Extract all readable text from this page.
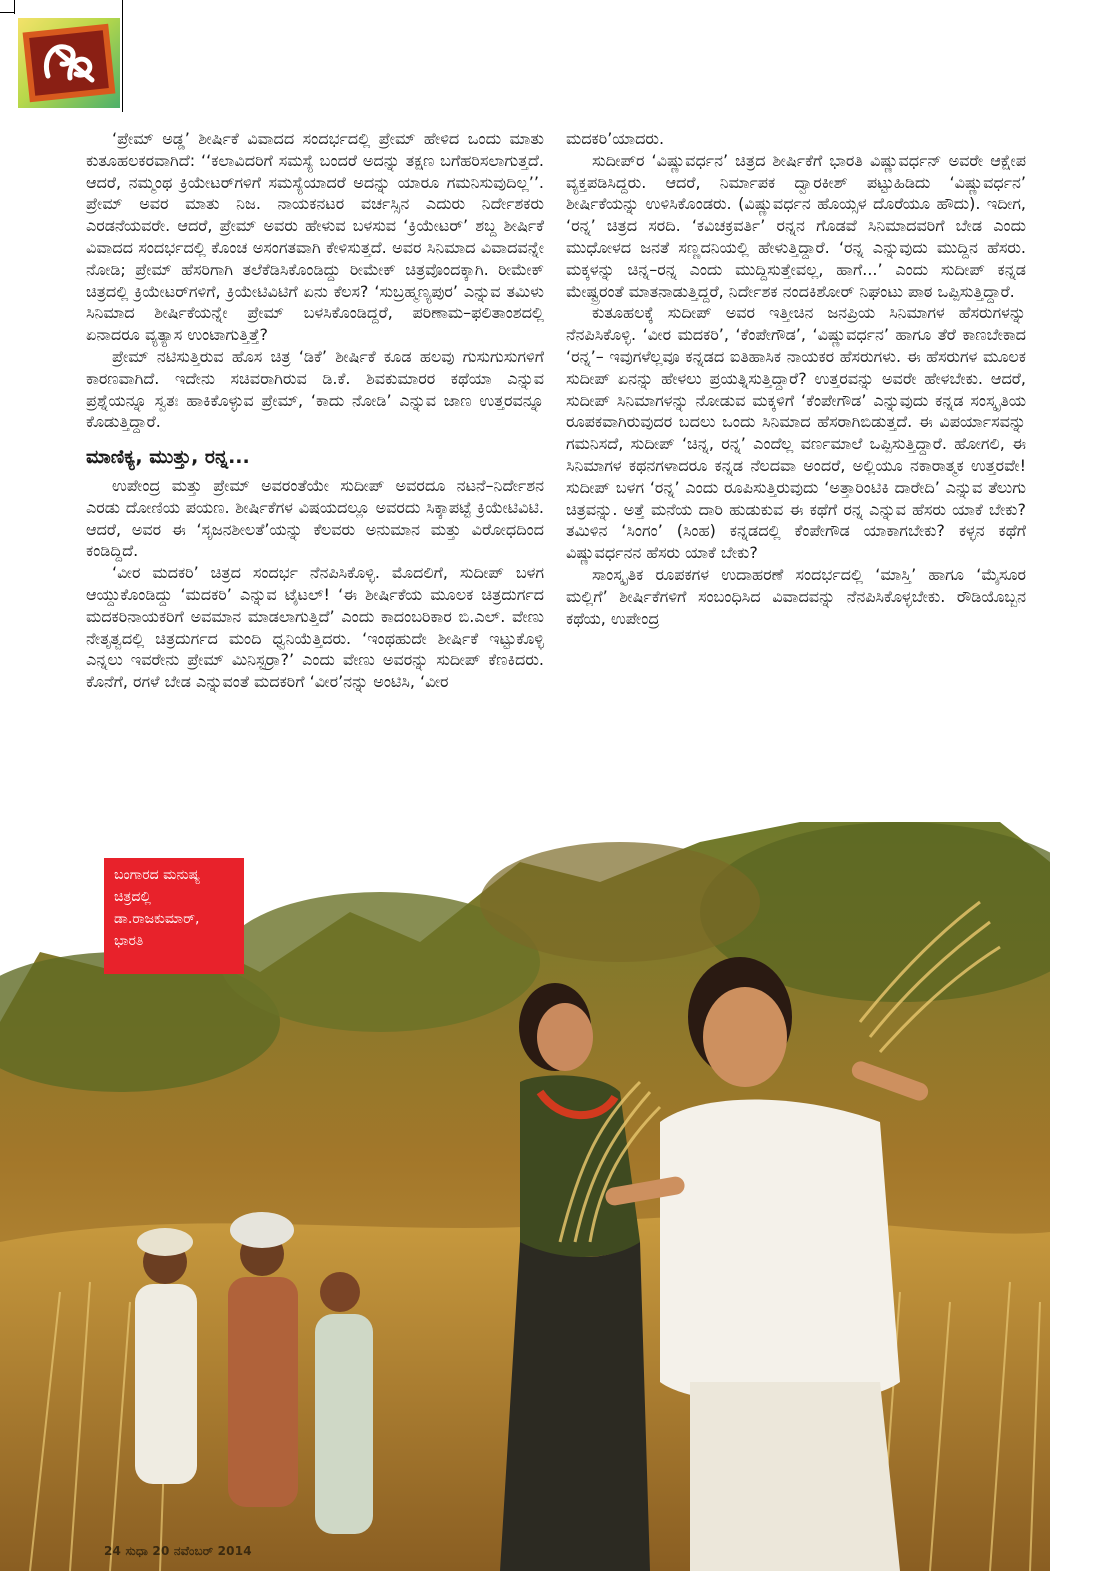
‘ಪ್ರೇಮ್ ಅಡ್ಡ’ ಶೀರ್ಷಿಕೆ ವಿವಾದದ ಸಂದರ್ಭದಲ್ಲಿ ಪ್ರೇಮ್ ಹೇಳಿದ ಒಂದು ಮಾತು ಕುತೂಹಲಕರವಾಗಿದೆ: ‘‘ಕಲಾವಿದರಿಗೆ ಸಮಸ್ಯೆ ಬಂದರೆ ಅದನ್ನು ತಕ್ಷಣ ಬಗೆಹರಿಸಲಾಗುತ್ತದೆ. ಆದರೆ, ನಮ್ಮಂಥ ಕ್ರಿಯೇಟರ್‌ಗಳಿಗೆ ಸಮಸ್ಯೆಯಾದರೆ ಅದನ್ನು ಯಾರೂ ಗಮನಿಸುವುದಿಲ್ಲ’’. ಪ್ರೇಮ್ ಅವರ ಮಾತು ನಿಜ. ನಾಯಕನಟರ ವರ್ಚಸ್ಸಿನ ಎದುರು ನಿರ್ದೇಶಕರು ಎರಡನೆಯವರೇ. ಆದರೆ, ಪ್ರೇಮ್ ಅವರು ಹೇಳುವ ಬಳಸುವ ‘ಕ್ರಿಯೇಟರ್’ ಶಬ್ದ ಶೀರ್ಷಿಕೆ ವಿವಾದದ ಸಂದರ್ಭದಲ್ಲಿ ಕೊಂಚ ಅಸಂಗತವಾಗಿ ಕೇಳಿಸುತ್ತದೆ. ಅವರ ಸಿನಿಮಾದ ವಿವಾದವನ್ನೇ ನೋಡಿ; ಪ್ರೇಮ್ ಹೆಸರಿಗಾಗಿ ತಲೆಕೆಡಿಸಿಕೊಂಡಿದ್ದು ರೀಮೇಕ್ ಚಿತ್ರವೊಂದಕ್ಕಾಗಿ. ರೀಮೇಕ್ ಚಿತ್ರದಲ್ಲಿ ಕ್ರಿಯೇಟರ್‌ಗಳಿಗೆ, ಕ್ರಿಯೇಟಿವಿಟಿಗೆ ಏನು ಕೆಲಸ? ‘ಸುಬ್ರಹ್ಮಣ್ಯಪುರ’ ಎನ್ನುವ ತಮಿಳು ಸಿನಿಮಾದ ಶೀರ್ಷಿಕೆಯನ್ನೇ ಪ್ರೇಮ್ ಬಳಸಿಕೊಂಡಿದ್ದರೆ, ಪರಿಣಾಮ–ಫಲಿತಾಂಶದಲ್ಲಿ ಏನಾದರೂ ವ್ಯತ್ಯಾಸ ಉಂಟಾಗುತ್ತಿತ್ತೆ?

ಪ್ರೇಮ್ ನಟಿಸುತ್ತಿರುವ ಹೊಸ ಚಿತ್ರ ‘ಡಿಕೆ’ ಶೀರ್ಷಿಕೆ ಕೂಡ ಹಲವು ಗುಸುಗುಸುಗಳಿಗೆ ಕಾರಣವಾಗಿದೆ. ಇದೇನು ಸಚಿವರಾಗಿರುವ ಡಿ.ಕೆ. ಶಿವಕುಮಾರರ ಕಥೆಯಾ ಎನ್ನುವ ಪ್ರಶ್ನೆಯನ್ನೂ ಸ್ವತಃ ಹಾಕಿಕೊಳ್ಳುವ ಪ್ರೇಮ್, ‘ಕಾದು ನೋಡಿ’ ಎನ್ನುವ ಜಾಣ ಉತ್ತರವನ್ನೂ ಕೊಡುತ್ತಿದ್ದಾರೆ.

ಮಾಣಿಕ್ಯ, ಮುತ್ತು, ರನ್ನ...

ಉಪೇಂದ್ರ ಮತ್ತು ಪ್ರೇಮ್ ಅವರಂತೆಯೇ ಸುದೀಪ್ ಅವರದೂ ನಟನೆ–ನಿರ್ದೇಶನ ಎರಡು ದೋಣಿಯ ಪಯಣ. ಶೀರ್ಷಿಕೆಗಳ ವಿಷಯದಲ್ಲೂ ಅವರದು ಸಿಕ್ಕಾಪಟ್ಟೆ ಕ್ರಿಯೇಟಿವಿಟಿ. ಆದರೆ, ಅವರ ಈ ‘ಸೃಜನಶೀಲತೆ’ಯನ್ನು ಕೆಲವರು ಅನುಮಾನ ಮತ್ತು ವಿರೋಧದಿಂದ ಕಂಡಿದ್ದಿದೆ.

‘ವೀರ ಮದಕರಿ’ ಚಿತ್ರದ ಸಂದರ್ಭ ನೆನಪಿಸಿಕೊಳ್ಳಿ. ಮೊದಲಿಗೆ, ಸುದೀಪ್ ಬಳಗ ಆಯ್ದುಕೊಂಡಿದ್ದು ‘ಮದಕರಿ’ ಎನ್ನುವ ಟೈಟಲ್! ‘ಈ ಶೀರ್ಷಿಕೆಯ ಮೂಲಕ ಚಿತ್ರದುರ್ಗದ ಮದಕರಿನಾಯಕರಿಗೆ ಅವಮಾನ ಮಾಡಲಾಗುತ್ತಿದೆ’ ಎಂದು ಕಾದಂಬರಿಕಾರ ಬಿ.ಎಲ್. ವೇಣು ನೇತೃತ್ವದಲ್ಲಿ ಚಿತ್ರದುರ್ಗದ ಮಂದಿ ಧ್ವನಿಯೆತ್ತಿದರು. ‘ಇಂಥಹುದೇ ಶೀರ್ಷಿಕೆ ಇಟ್ಟುಕೊಳ್ಳಿ ಎನ್ನಲು ಇವರೇನು ಪ್ರೇಮ್ ಮಿನಿಸ್ಟರ್ರಾ?’ ಎಂದು ವೇಣು ಅವರನ್ನು ಸುದೀಪ್ ಕೆಣಕಿದರು. ಕೊನೆಗೆ, ರಗಳೆ ಬೇಡ ಎನ್ನುವಂತೆ ಮದಕರಿಗೆ ‘ವೀರ’ನನ್ನು ಅಂಟಿಸಿ, ‘ವೀರ

ಮದಕರಿ’ಯಾದರು.

ಸುದೀಪ್‌ರ ‘ವಿಷ್ಣುವರ್ಧನ’ ಚಿತ್ರದ ಶೀರ್ಷಿಕೆಗೆ ಭಾರತಿ ವಿಷ್ಣುವರ್ಧನ್ ಅವರೇ ಆಕ್ಷೇಪ ವ್ಯಕ್ತಪಡಿಸಿದ್ದರು. ಆದರೆ, ನಿರ್ಮಾಪಕ ದ್ವಾರಕೀಶ್ ಪಟ್ಟುಹಿಡಿದು ‘ವಿಷ್ಣುವರ್ಧನ’ ಶೀರ್ಷಿಕೆಯನ್ನು ಉಳಿಸಿಕೊಂಡರು. (ವಿಷ್ಣುವರ್ಧನ ಹೊಯ್ಸಳ ದೊರೆಯೂ ಹೌದು). ಇದೀಗ, ‘ರನ್ನ’ ಚಿತ್ರದ ಸರದಿ. ‘ಕವಿಚಕ್ರವರ್ತಿ’ ರನ್ನನ ಗೊಡವೆ ಸಿನಿಮಾದವರಿಗೆ ಬೇಡ ಎಂದು ಮುಧೋಳದ ಜನತೆ ಸಣ್ಣದನಿಯಲ್ಲಿ ಹೇಳುತ್ತಿದ್ದಾರೆ. ‘ರನ್ನ ಎನ್ನುವುದು ಮುದ್ದಿನ ಹೆಸರು. ಮಕ್ಕಳನ್ನು ಚಿನ್ನ–ರನ್ನ ಎಂದು ಮುದ್ದಿಸುತ್ತೇವಲ್ಲ, ಹಾಗೆ...’ ಎಂದು ಸುದೀಪ್ ಕನ್ನಡ ಮೇಷ್ಟ್ರರಂತೆ ಮಾತನಾಡುತ್ತಿದ್ದರೆ, ನಿರ್ದೇಶಕ ನಂದಕಿಶೋರ್ ನಿಘಂಟು ಪಾಠ ಒಪ್ಪಿಸುತ್ತಿದ್ದಾರೆ.

ಕುತೂಹಲಕ್ಕೆ ಸುದೀಪ್ ಅವರ ಇತ್ತೀಚಿನ ಜನಪ್ರಿಯ ಸಿನಿಮಾಗಳ ಹೆಸರುಗಳನ್ನು ನೆನಪಿಸಿಕೊಳ್ಳಿ. ‘ವೀರ ಮದಕರಿ’, ‘ಕೆಂಪೇಗೌಡ’, ‘ವಿಷ್ಣುವರ್ಧನ’ ಹಾಗೂ ತೆರೆ ಕಾಣಬೇಕಾದ ‘ರನ್ನ’– ಇವುಗಳೆಲ್ಲವೂ ಕನ್ನಡದ ಐತಿಹಾಸಿಕ ನಾಯಕರ ಹೆಸರುಗಳು. ಈ ಹೆಸರುಗಳ ಮೂಲಕ ಸುದೀಪ್ ಏನನ್ನು ಹೇಳಲು ಪ್ರಯತ್ನಿಸುತ್ತಿದ್ದಾರೆ? ಉತ್ತರವನ್ನು ಅವರೇ ಹೇಳಬೇಕು. ಆದರೆ, ಸುದೀಪ್ ಸಿನಿಮಾಗಳನ್ನು ನೋಡುವ ಮಕ್ಕಳಿಗೆ ‘ಕೆಂಪೇಗೌಡ’ ಎನ್ನುವುದು ಕನ್ನಡ ಸಂಸ್ಕೃತಿಯ ರೂಪಕವಾಗಿರುವುದರ ಬದಲು ಒಂದು ಸಿನಿಮಾದ ಹೆಸರಾಗಿಬಿಡುತ್ತದೆ. ಈ ವಿಪರ್ಯಾಸವನ್ನು ಗಮನಿಸದೆ, ಸುದೀಪ್ ‘ಚಿನ್ನ, ರನ್ನ’ ಎಂದೆಲ್ಲ ವರ್ಣಮಾಲೆ ಒಪ್ಪಿಸುತ್ತಿದ್ದಾರೆ. ಹೋಗಲಿ, ಈ ಸಿನಿಮಾಗಳ ಕಥನಗಳಾದರೂ ಕನ್ನಡ ನೆಲದವಾ ಅಂದರೆ, ಅಲ್ಲಿಯೂ ನಕಾರಾತ್ಮಕ ಉತ್ತರವೇ! ಸುದೀಪ್ ಬಳಗ ‘ರನ್ನ’ ಎಂದು ರೂಪಿಸುತ್ತಿರುವುದು ‘ಅತ್ತಾರಿಂಟಿಕಿ ದಾರೇದಿ’ ಎನ್ನುವ ತೆಲುಗು ಚಿತ್ರವನ್ನು. ಅತ್ತೆ ಮನೆಯ ದಾರಿ ಹುಡುಕುವ ಈ ಕಥೆಗೆ ರನ್ನ ಎನ್ನುವ ಹೆಸರು ಯಾಕೆ ಬೇಕು? ತಮಿಳಿನ ‘ಸಿಂಗಂ’ (ಸಿಂಹ) ಕನ್ನಡದಲ್ಲಿ ಕೆಂಪೇಗೌಡ ಯಾಕಾಗಬೇಕು? ಕಳ್ಳನ ಕಥೆಗೆ ವಿಷ್ಣುವರ್ಧನನ ಹೆಸರು ಯಾಕೆ ಬೇಕು?

ಸಾಂಸ್ಕೃತಿಕ ರೂಪಕಗಳ ಉದಾಹರಣೆ ಸಂದರ್ಭದಲ್ಲಿ ‘ಮಾಸ್ತಿ’ ಹಾಗೂ ‘ಮೈಸೂರ ಮಲ್ಲಿಗೆ’ ಶೀರ್ಷಿಕೆಗಳಿಗೆ ಸಂಬಂಧಿಸಿದ ವಿವಾದವನ್ನು ನೆನಪಿಸಿಕೊಳ್ಳಬೇಕು. ರೌಡಿಯೊಬ್ಬನ ಕಥೆಯ, ಉಪೇಂದ್ರ

ಬಂಗಾರದ ಮನುಷ್ಯ
ಚಿತ್ರದಲ್ಲಿ
ಡಾ.ರಾಜಕುಮಾರ್,
ಭಾರತಿ
24 ಸುಧಾ 20 ನವೆಂಬರ್ 2014
